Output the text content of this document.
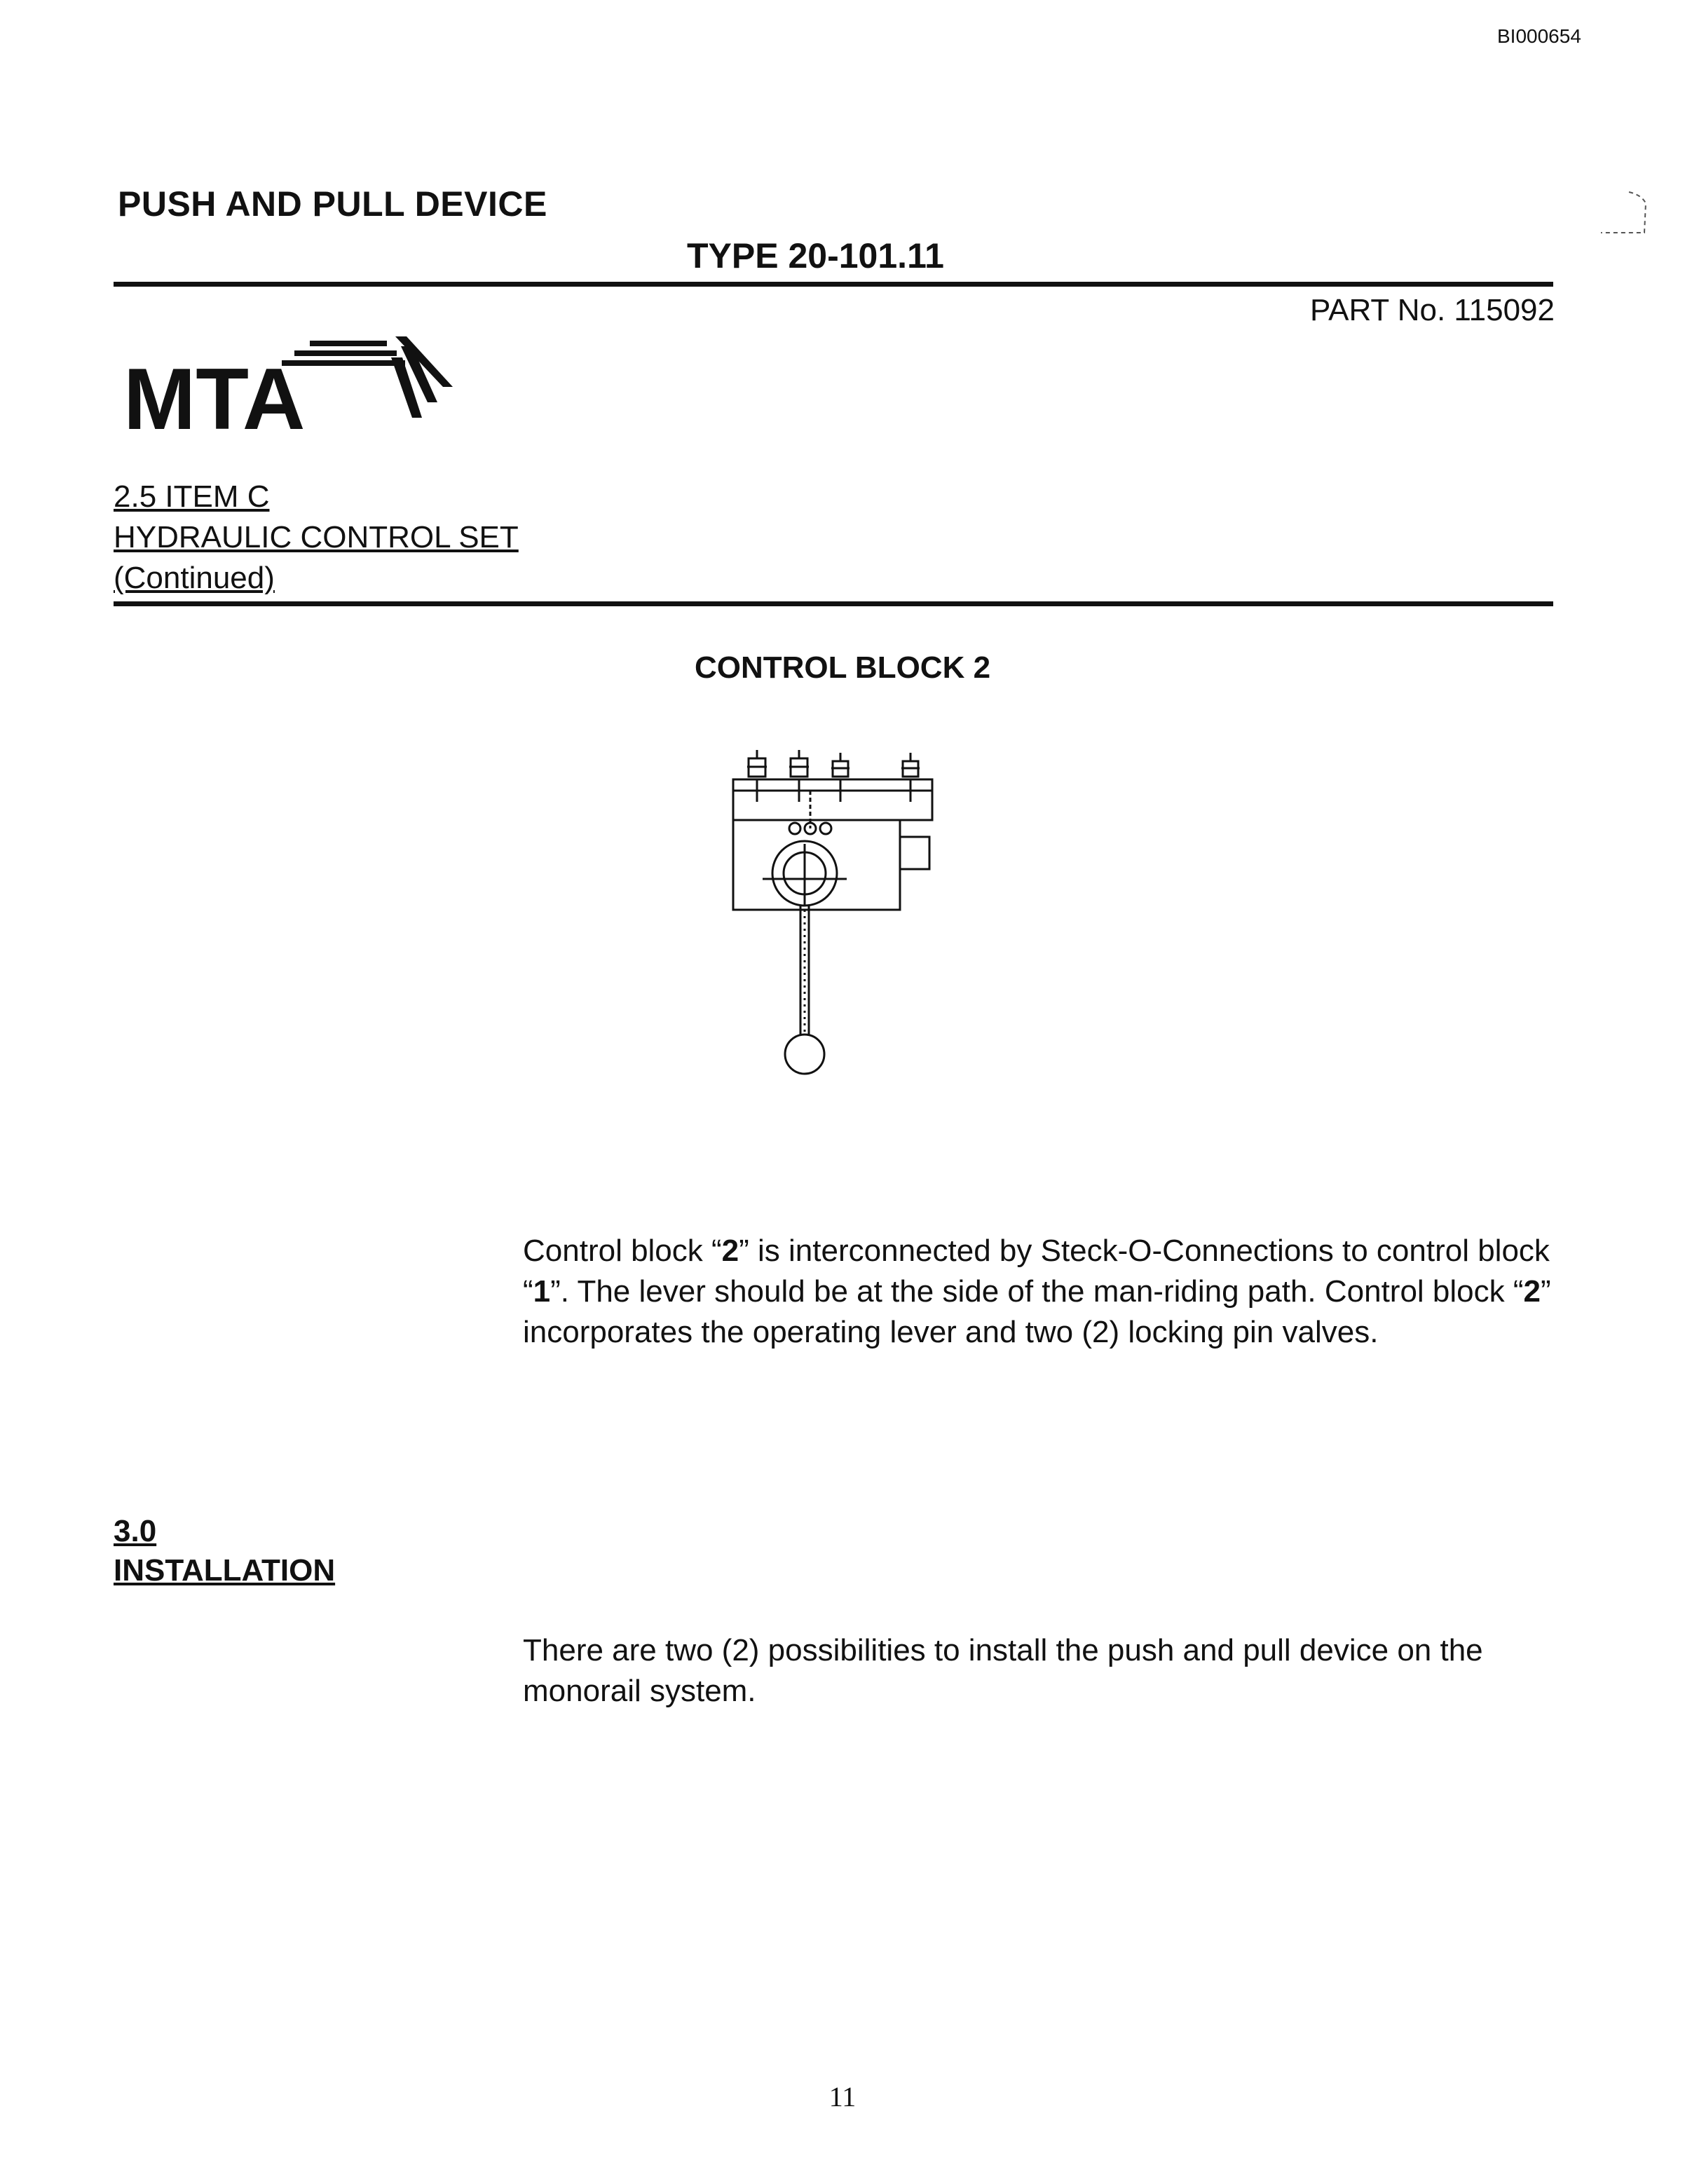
BI000654
PUSH AND PULL DEVICE
TYPE 20-101.11
PART No. 115092
MTA
2.5 ITEM C
HYDRAULIC CONTROL SET
(Continued)
CONTROL BLOCK 2
Control block “2” is interconnected by Steck-O-Connections to control block “1”. The lever should be at the side of the man-riding path. Control block “2” incorporates the operating lever and two (2) locking pin valves.
3.0
INSTALLATION
There are two (2) possibilities to install the push and pull device on the monorail system.
11
